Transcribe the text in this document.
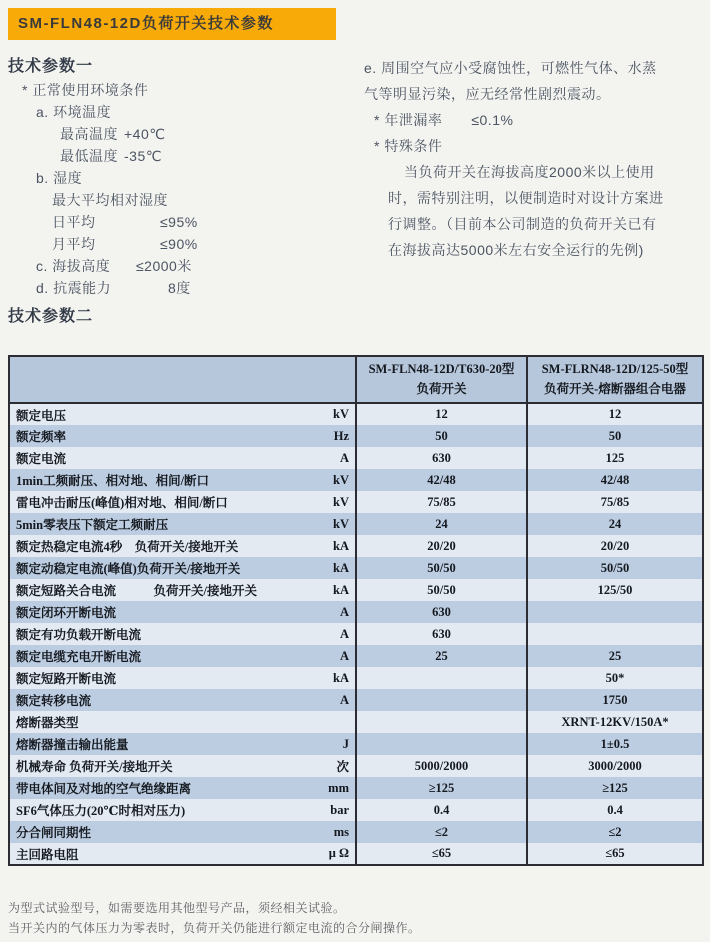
SM-FLN48-12D负荷开关技术参数
技术参数一
* 正常使用环境条件
a. 环境温度
最高温度 +40℃
最低温度 -35℃
b. 湿度
最大平均相对湿度
日平均	≤95%
月平均	≤90%
c. 海拔高度 ≤2000米
d. 抗震能力	8度
技术参数二
e. 周围空气应小受腐蚀性，可燃性气体、水蒸
气等明显污染，应无经常性剧烈震动。
* 年泄漏率　　≤0.1%
* 特殊条件
当负荷开关在海拔高度2000米以上使用
时，需特别注明，以便制造时对设计方案进
行调整。（目前本公司制造的负荷开关已有
在海拔高达5000米左右安全运行的先例)

SM-FLN48-12D/T630-20型
负荷开关

SM-FLRN48-12D/125-50型
负荷开关-熔断器组合电器

额定电压	kV	12	12
额定频率	Hz	50	50
额定电流	A	630	125
1min工频耐压、相对地、相间/断口	kV	42/48	42/48
雷电冲击耐压(峰值)相对地、相间/断口	kV	75/85	75/85
5min零表压下额定工频耐压	kV	24	24
额定热稳定电流4秒　负荷开关/接地开关	kA	20/20	20/20
额定动稳定电流(峰值)负荷开关/接地开关	kA	50/50	50/50
额定短路关合电流　　　负荷开关/接地开关	kA	50/50	125/50
额定闭环开断电流	A	630	
额定有功负载开断电流	A	630	
额定电缆充电开断电流	A	25	25
额定短路开断电流	kA		50*
额定转移电流	A		1750
熔断器类型			XRNT-12KV/150A*
熔断器撞击输出能量	J		1±0.5
机械寿命 负荷开关/接地开关	次	5000/2000	3000/2000
带电体间及对地的空气绝缘距离	mm	≥125	≥125
SF6气体压力(20℃时相对压力)	bar	0.4	0.4
分合闸同期性	ms	≤2	≤2
主回路电阻	μ Ω	≤65	≤65
为型式试验型号，如需要选用其他型号产品，须经相关试验。
当开关内的气体压力为零表时，负荷开关仍能进行额定电流的合分闸操作。
